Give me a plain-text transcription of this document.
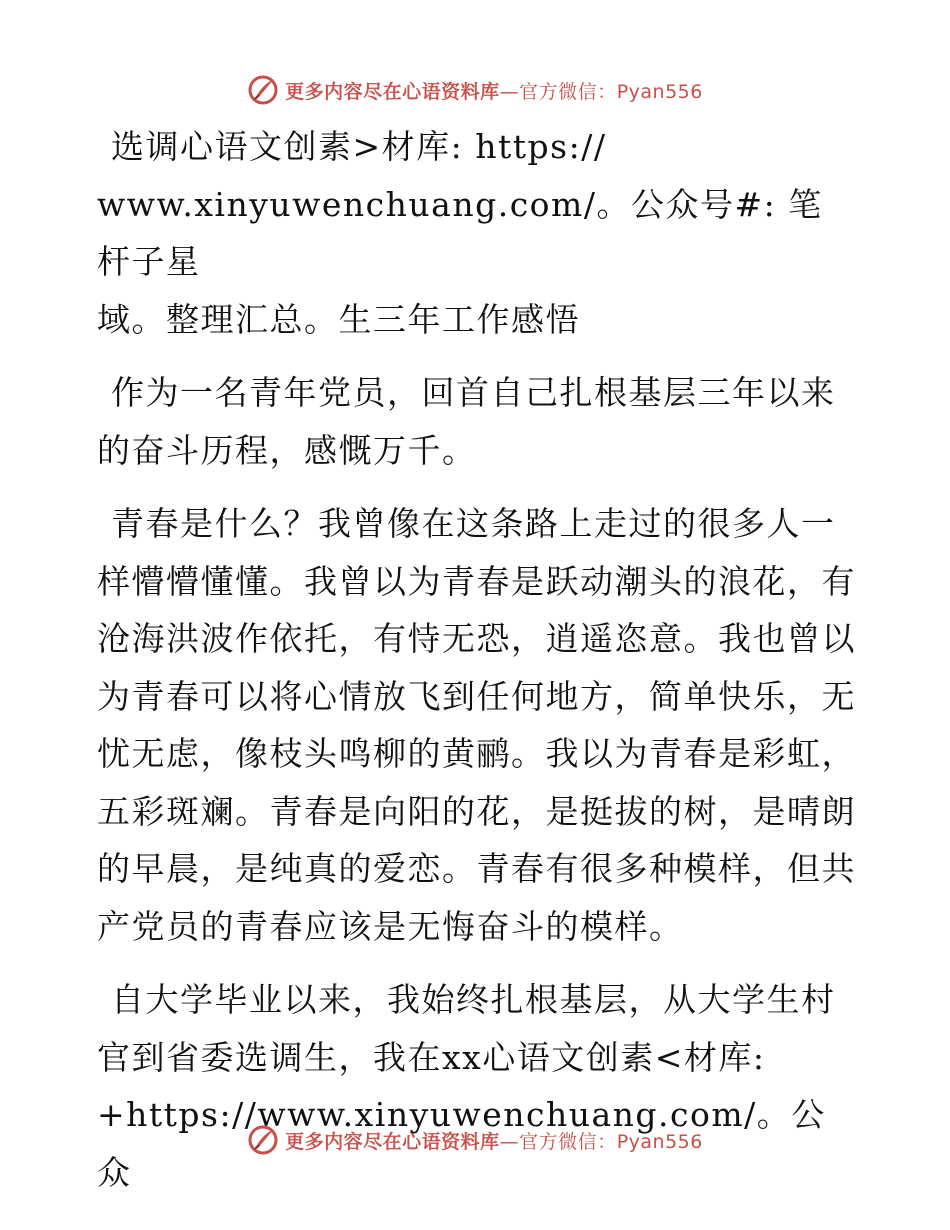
更多内容尽在心语资料库—官方微信：Pyan556

选调心语文创素>材库: https://
www.xinyuwenchuang.com/。公众号#: 笔杆子星
域。整理汇总。生三年工作感悟

作为一名青年党员，回首自己扎根基层三年以来
的奋斗历程，感慨万千。

青春是什么？我曾像在这条路上走过的很多人一
样懵懵懂懂。我曾以为青春是跃动潮头的浪花，有
沧海洪波作依托，有恃无恐，逍遥恣意。我也曾以
为青春可以将心情放飞到任何地方，简单快乐，无
忧无虑，像枝头鸣柳的黄鹂。我以为青春是彩虹，
五彩斑斓。青春是向阳的花，是挺拔的树，是晴朗
的早晨，是纯真的爱恋。青春有很多种模样，但共
产党员的青春应该是无悔奋斗的模样。

自大学毕业以来，我始终扎根基层，从大学生村
官到省委选调生，我在xx心语文创素<材库:
+https://www.xinyuwenchuang.com/。公众

更多内容尽在心语资料库—官方微信：Pyan556
